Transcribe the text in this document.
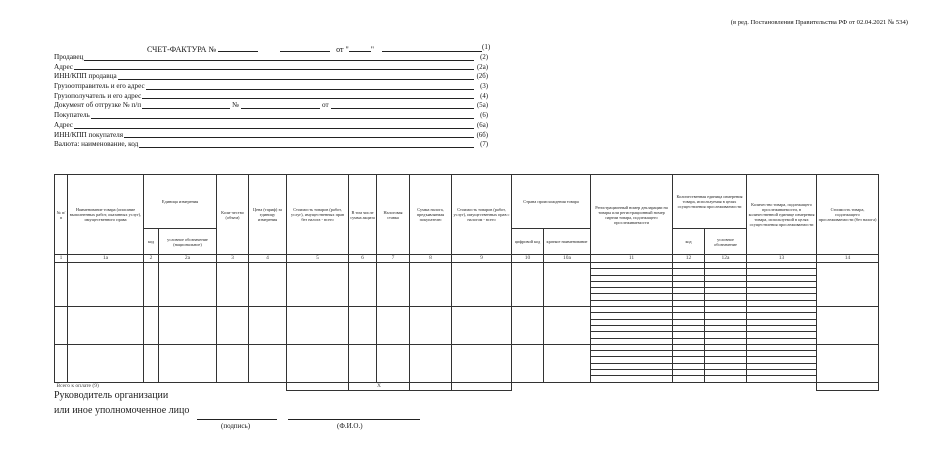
(в ред. Постановления Правительства РФ от 02.04.2021 № 534)
СЧЕТ-ФАКТУРА №	от "	"	(1)
Продавец	(2)
Адрес	(2а)
ИНН/КПП продавца	(2б)
Грузоотправитель и его адрес	(3)
Грузополучатель и его адрес	(4)
Документ об отгрузке № п/п	№	от	(5а)
Покупатель	(6)
Адрес	(6а)
ИНН/КПП покупателя	(6б)
Валюта: наименование, код	(7)
№ п/п	Наименование товара (описание выполненных работ, оказанных услуг), имущественного права	Единица измерения		Коли-чество (объем)	Цена (тариф) за единицу измерения	Стоимость товаров (работ, услуг), имущественных прав без налога - всего	В том числе сумма акциза	Налоговая ставка	Сумма налога, предъявляемая покупателю	Стоимость товаров (работ, услуг), имущественных прав с налогом - всего	Страна происхождения товара		Регистрационный номер декларации на товары или регистрационный номер партии товара, подлежащего прослеживаемости	Количественная единица измерения товара, используемая в целях осуществления прослеживаемости		Количество товара, подлежащего прослеживаемости, в количественной единице измерения товара, используемой в целях осуществления прослеживаемости	Стоимость товара, подлежащего прослеживаемости (без налога)
		код	условное обозначение (национальное)								цифровой код	краткое наименование		код	условное обозначение		
1	1а	2	2а	3	4	5	6	7	8	9	10	10а	11	12	12а	13	14

Всего к оплате (9)							Х										
Руководитель организации
или иное уполномоченное лицо
(подпись)	(Ф.И.О.)
